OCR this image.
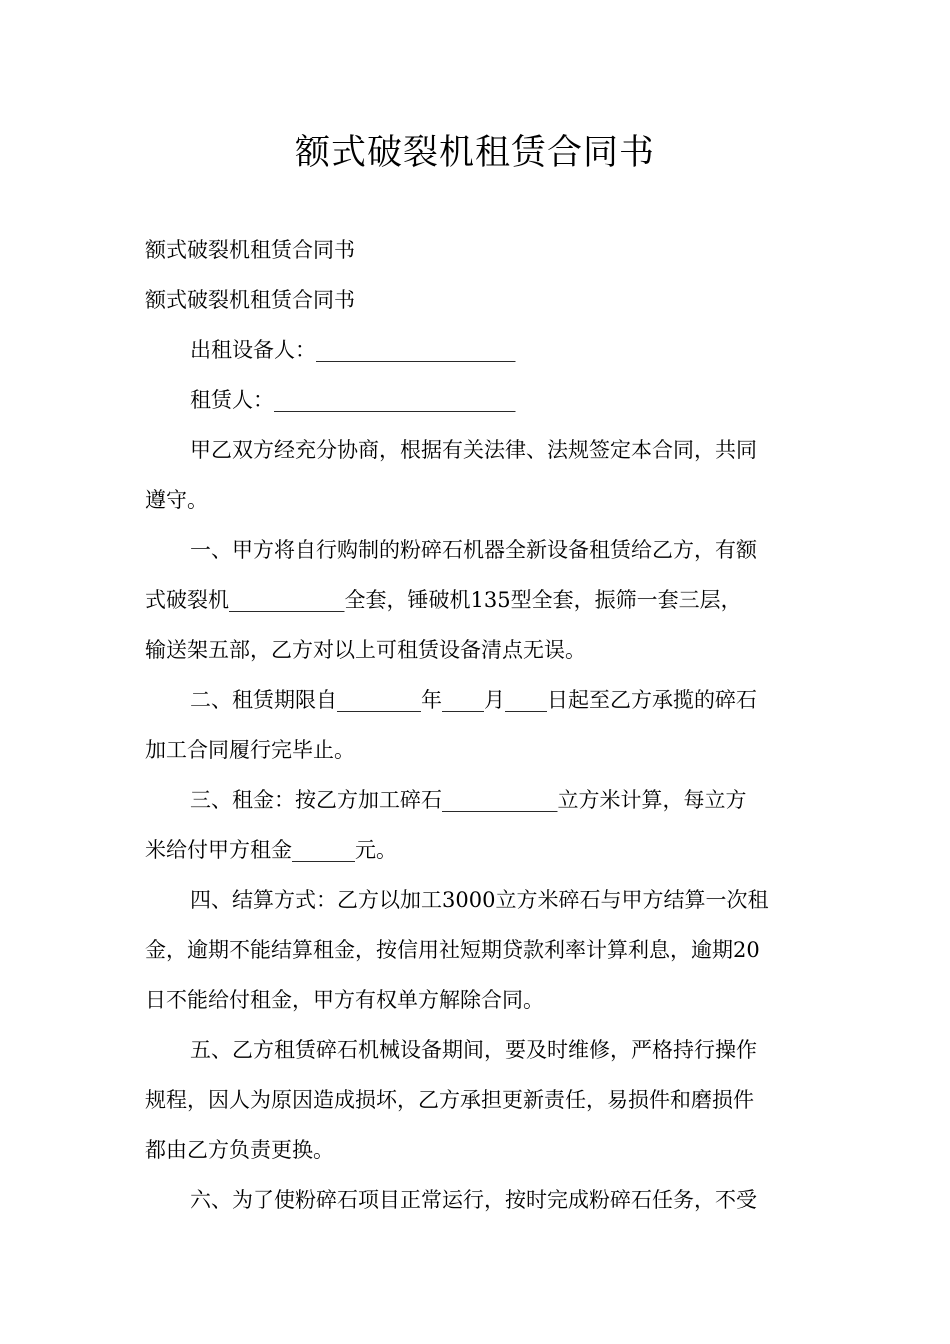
额式破裂机租赁合同书
额式破裂机租赁合同书
额式破裂机租赁合同书
出租设备人：___________________
租赁人：_______________________
甲乙双方经充分协商，根据有关法律、法规签定本合同，共同
遵守。
一、甲方将自行购制的粉碎石机器全新设备租赁给乙方，有额
式破裂机___________全套，锤破机135型全套，振筛一套三层，
输送架五部，乙方对以上可租赁设备清点无误。
二、租赁期限自________年____月____日起至乙方承揽的碎石
加工合同履行完毕止。
三、租金：按乙方加工碎石___________立方米计算，每立方
米给付甲方租金______元。
四、结算方式：乙方以加工3000立方米碎石与甲方结算一次租
金，逾期不能结算租金，按信用社短期贷款利率计算利息，逾期20
日不能给付租金，甲方有权单方解除合同。
五、乙方租赁碎石机械设备期间，要及时维修，严格持行操作
规程，因人为原因造成损坏，乙方承担更新责任，易损件和磨损件
都由乙方负责更换。
六、为了使粉碎石项目正常运行，按时完成粉碎石任务，不受
